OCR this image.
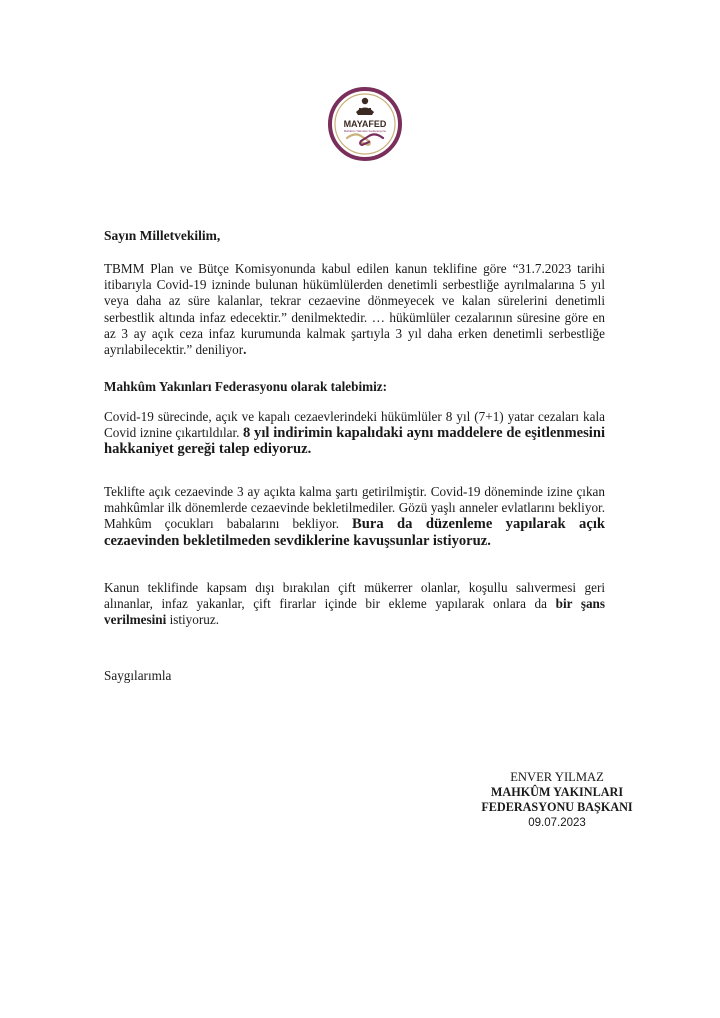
MAYAFED
Mahkûm Yakınları Federasyonu

Sayın Milletvekilim,

TBMM Plan ve Bütçe Komisyonunda kabul edilen kanun teklifine göre “31.7.2023 tarihi itibarıyla Covid-19 izninde bulunan hükümlülerden denetimli serbestliğe ayrılmalarına 5 yıl veya daha az süre kalanlar, tekrar cezaevine dönmeyecek ve kalan sürelerini denetimli serbestlik altında infaz edecektir.” denilmektedir. … hükümlüler cezalarının süresine göre en az 3 ay açık ceza infaz kurumunda kalmak şartıyla 3 yıl daha erken denetimli serbestliğe ayrılabilecektir.” deniliyor.

Mahkûm Yakınları Federasyonu olarak talebimiz:

Covid-19 sürecinde, açık ve kapalı cezaevlerindeki hükümlüler 8 yıl (7+1) yatar cezaları kala Covid iznine çıkartıldılar. 8 yıl indirimin kapalıdaki aynı maddelere de eşitlenmesini hakkaniyet gereği talep ediyoruz.

Teklifte açık cezaevinde 3 ay açıkta kalma şartı getirilmiştir. Covid-19 döneminde izine çıkan mahkûmlar ilk dönemlerde cezaevinde bekletilmediler. Gözü yaşlı anneler evlatlarını bekliyor. Mahkûm çocukları babalarını bekliyor. Bura da düzenleme yapılarak açık cezaevinden bekletilmeden sevdiklerine kavuşsunlar istiyoruz.

Kanun teklifinde kapsam dışı bırakılan çift mükerrer olanlar, koşullu salıvermesi geri alınanlar, infaz yakanlar, çift firarlar içinde bir ekleme yapılarak onlara da bir şans verilmesini istiyoruz.

Saygılarımla

ENVER YILMAZ
MAHKÛM YAKINLARI
FEDERASYONU BAŞKANI
09.07.2023
